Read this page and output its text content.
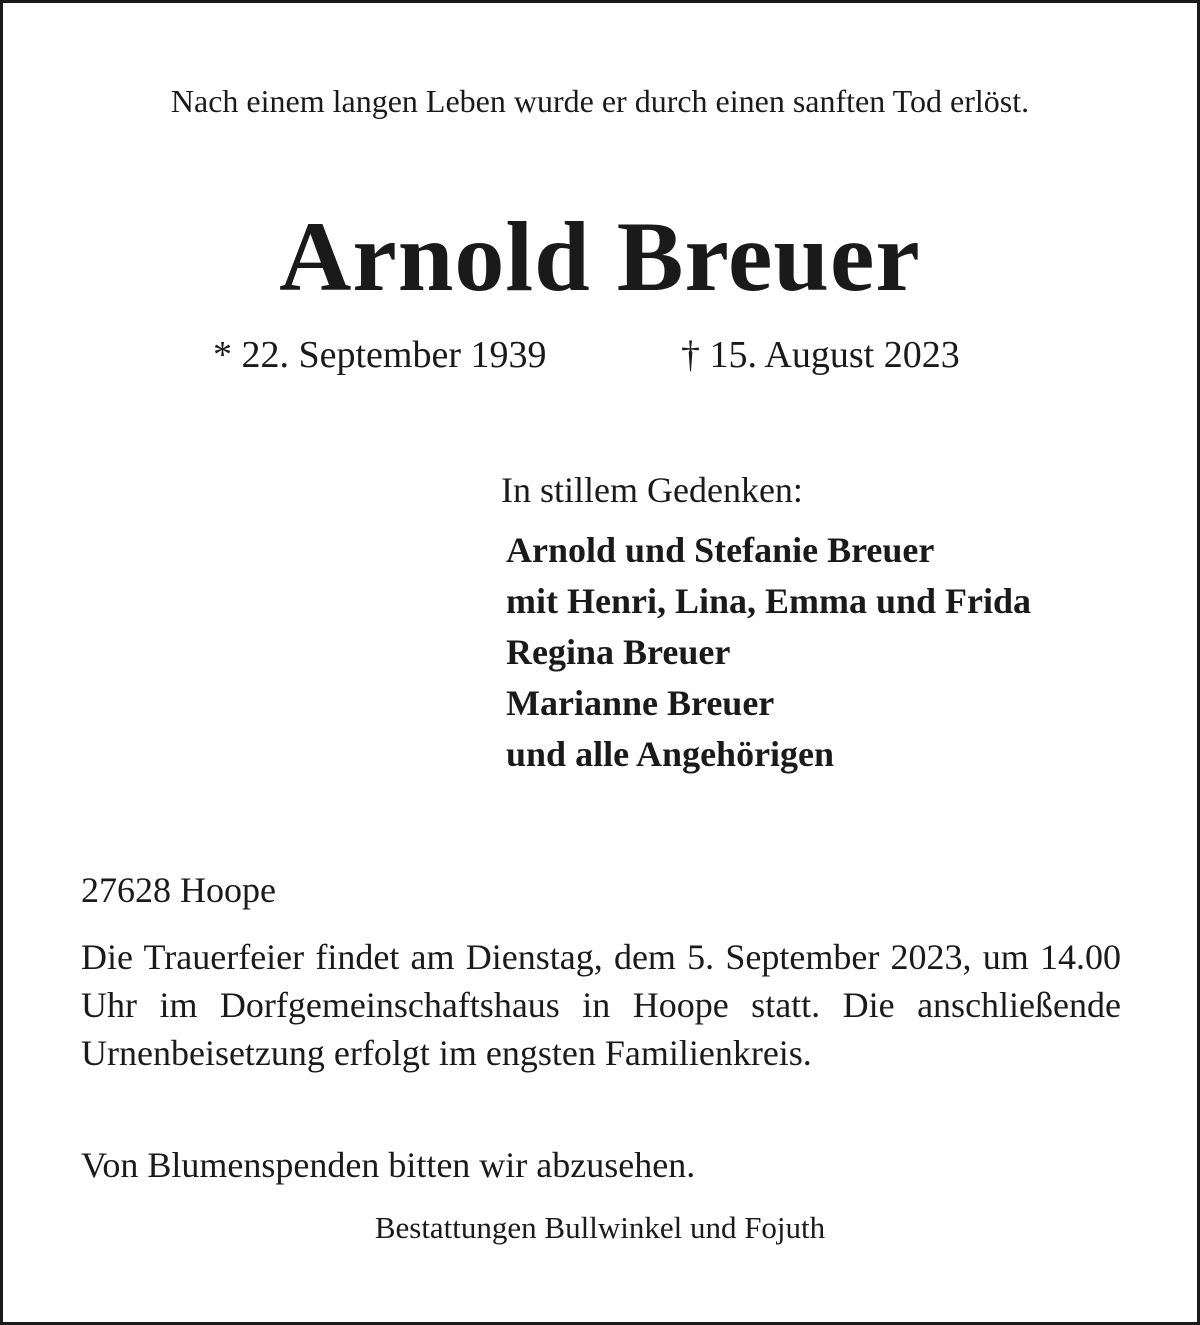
Nach einem langen Leben wurde er durch einen sanften Tod erlöst.
Arnold Breuer
* 22. September 1939	† 15. August 2023
In stillem Gedenken:
Arnold und Stefanie Breuer
mit Henri, Lina, Emma und Frida
Regina Breuer
Marianne Breuer
und alle Angehörigen
27628 Hoope
Die Trauerfeier findet am Dienstag, dem 5. September 2023, um 14.00 Uhr im Dorfgemeinschaftshaus in Hoope statt. Die anschließende Urnenbeisetzung erfolgt im engsten Familienkreis.
Von Blumenspenden bitten wir abzusehen.
Bestattungen Bullwinkel und Fojuth
